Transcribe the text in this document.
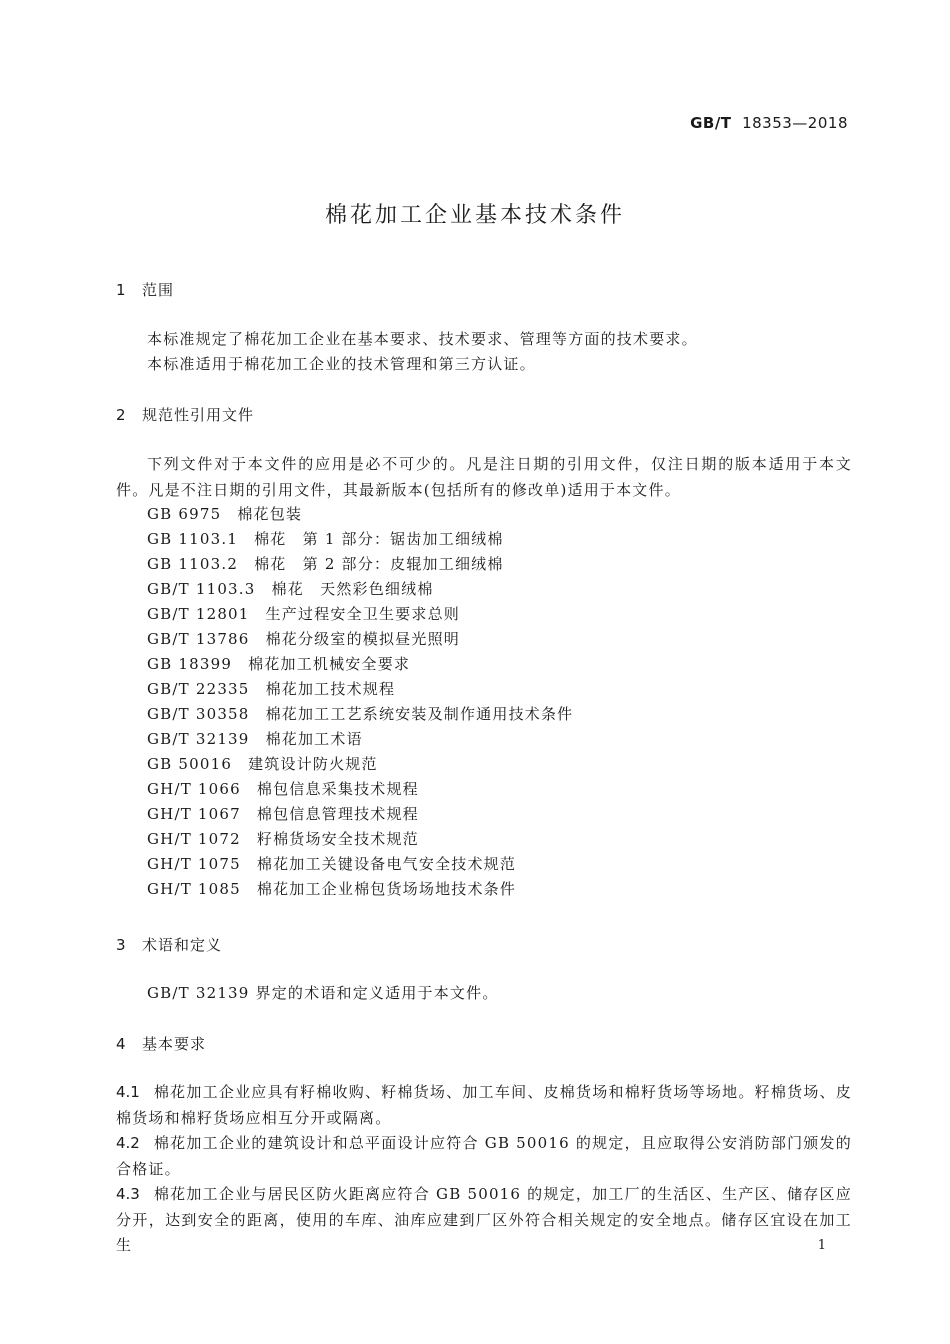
GB/T 18353—2018
棉花加工企业基本技术条件
1 范围
本标准规定了棉花加工企业在基本要求、技术要求、管理等方面的技术要求。
本标准适用于棉花加工企业的技术管理和第三方认证。
2 规范性引用文件
下列文件对于本文件的应用是必不可少的。凡是注日期的引用文件，仅注日期的版本适用于本文件。凡是不注日期的引用文件，其最新版本(包括所有的修改单)适用于本文件。
GB 6975 棉花包装
GB 1103.1 棉花　第 1 部分：锯齿加工细绒棉
GB 1103.2 棉花　第 2 部分：皮辊加工细绒棉
GB/T 1103.3 棉花　天然彩色细绒棉
GB/T 12801 生产过程安全卫生要求总则
GB/T 13786 棉花分级室的模拟昼光照明
GB 18399 棉花加工机械安全要求
GB/T 22335 棉花加工技术规程
GB/T 30358 棉花加工工艺系统安装及制作通用技术条件
GB/T 32139 棉花加工术语
GB 50016 建筑设计防火规范
GH/T 1066 棉包信息采集技术规程
GH/T 1067 棉包信息管理技术规程
GH/T 1072 籽棉货场安全技术规范
GH/T 1075 棉花加工关键设备电气安全技术规范
GH/T 1085 棉花加工企业棉包货场场地技术条件
3 术语和定义
GB/T 32139 界定的术语和定义适用于本文件。
4 基本要求
4.1 棉花加工企业应具有籽棉收购、籽棉货场、加工车间、皮棉货场和棉籽货场等场地。籽棉货场、皮棉货场和棉籽货场应相互分开或隔离。
4.2 棉花加工企业的建筑设计和总平面设计应符合 GB 50016 的规定，且应取得公安消防部门颁发的合格证。
4.3 棉花加工企业与居民区防火距离应符合 GB 50016 的规定，加工厂的生活区、生产区、储存区应分开，达到安全的距离，使用的车库、油库应建到厂区外符合相关规定的安全地点。储存区宜设在加工生	1
